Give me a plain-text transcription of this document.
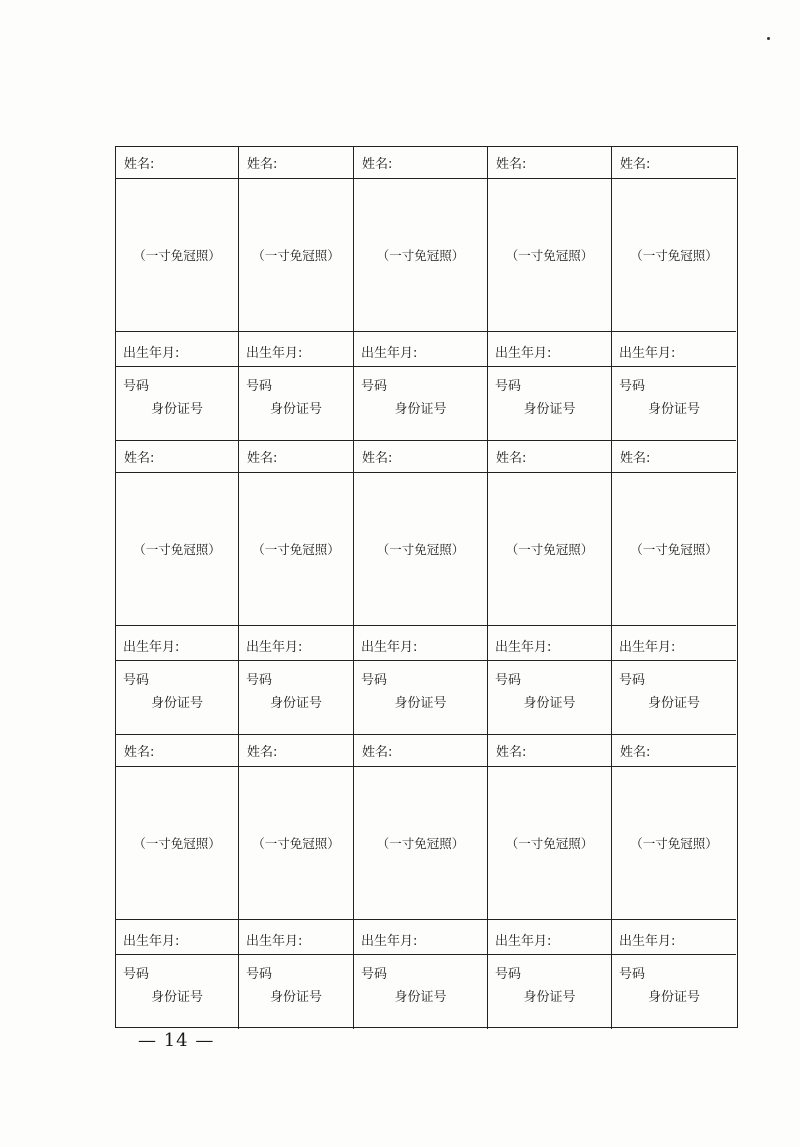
姓名:
（一寸免冠照）
出生年月:
号码
身份证号
姓名:
（一寸免冠照）
出生年月:
号码
身份证号
姓名:
（一寸免冠照）
出生年月:
号码
身份证号
姓名:
（一寸免冠照）
出生年月:
号码
身份证号
姓名:
（一寸免冠照）
出生年月:
号码
身份证号
姓名:
（一寸免冠照）
出生年月:
号码
身份证号
姓名:
（一寸免冠照）
出生年月:
号码
身份证号
姓名:
（一寸免冠照）
出生年月:
号码
身份证号
姓名:
（一寸免冠照）
出生年月:
号码
身份证号
姓名:
（一寸免冠照）
出生年月:
号码
身份证号
姓名:
（一寸免冠照）
出生年月:
号码
身份证号
姓名:
（一寸免冠照）
出生年月:
号码
身份证号
姓名:
（一寸免冠照）
出生年月:
号码
身份证号
姓名:
（一寸免冠照）
出生年月:
号码
身份证号
姓名:
（一寸免冠照）
出生年月:
号码
身份证号
— 14 —
